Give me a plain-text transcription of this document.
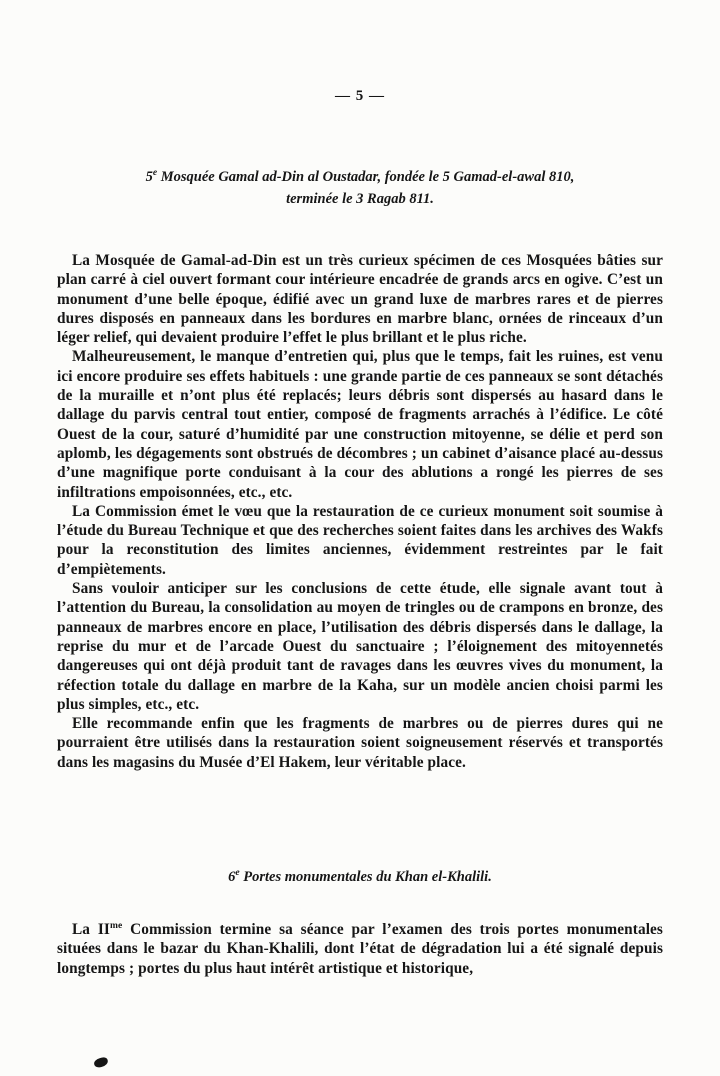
— 5 —
5e Mosquée Gamal ad-Din al Oustadar, fondée le 5 Gamad-el-awal 810,
terminée le 3 Ragab 811.

La Mosquée de Gamal-ad-Din est un très curieux spécimen de ces Mosquées bâties sur plan carré à ciel ouvert formant cour intérieure encadrée de grands arcs en ogive. C’est un monument d’une belle époque, édifié avec un grand luxe de marbres rares et de pierres dures disposés en panneaux dans les bordures en marbre blanc, ornées de rinceaux d’un léger relief, qui devaient produire l’effet le plus brillant et le plus riche.

Malheureusement, le manque d’entretien qui, plus que le temps, fait les ruines, est venu ici encore produire ses effets habituels : une grande partie de ces panneaux se sont détachés de la muraille et n’ont plus été replacés; leurs débris sont dispersés au hasard dans le dallage du parvis central tout entier, composé de fragments arrachés à l’édifice. Le côté Ouest de la cour, saturé d’humidité par une construction mitoyenne, se délie et perd son aplomb, les dégagements sont obstrués de décombres ; un cabinet d’aisance placé au-dessus d’une magnifique porte conduisant à la cour des ablutions a rongé les pierres de ses infiltrations empoisonnées, etc., etc.

La Commission émet le vœu que la restauration de ce curieux monument soit soumise à l’étude du Bureau Technique et que des recherches soient faites dans les archives des Wakfs pour la reconstitution des limites anciennes, évidemment restreintes par le fait d’empiètements.

Sans vouloir anticiper sur les conclusions de cette étude, elle signale avant tout à l’attention du Bureau, la consolidation au moyen de tringles ou de crampons en bronze, des panneaux de marbres encore en place, l’utilisation des débris dispersés dans le dallage, la reprise du mur et de l’arcade Ouest du sanctuaire ; l’éloignement des mitoyennetés dangereuses qui ont déjà produit tant de ravages dans les œuvres vives du monument, la réfection totale du dallage en marbre de la Kaha, sur un modèle ancien choisi parmi les plus simples, etc., etc.

Elle recommande enfin que les fragments de marbres ou de pierres dures qui ne pourraient être utilisés dans la restauration soient soigneusement réservés et transportés dans les magasins du Musée d’El Hakem, leur véritable place.

6e Portes monumentales du Khan el-Khalili.

La $II^{me}$ Commission termine sa séance par l’examen des trois portes monumentales situées dans le bazar du Khan-Khalili, dont l’état de dégradation lui a été signalé depuis longtemps ; portes du plus haut intérêt artistique et historique,
